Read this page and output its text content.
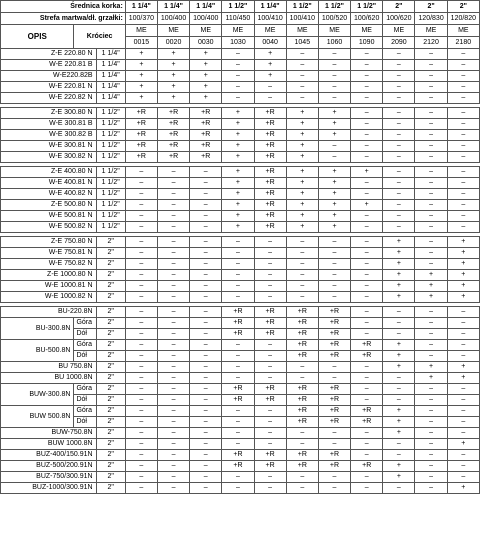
Średnica korka:			1 1/4"	1 1/4"	1 1/4"	1 1/2"	1 1/4"	1 1/2"	1 1/2"	1 1/2"	2"	2"	2"
Strefa martwa/dł. grzałki:			100/370	100/400	100/400	110/450	100/410	100/410	100/520	100/620	100/620	120/830	120/820
OPIS	Króciec		ME	ME	ME	ME	ME	ME	ME	ME	ME	ME	ME
			0015	0020	0030	1030	0040	1045	1060	1090	2090	2120	2180
Z-E 220.80 N		1 1/4"	+	+	+	–	+	–	–	–	–	–	–
W-E 220.81 B		1 1/4"	+	+	+	–	+	–	–	–	–	–	–
W-E220.82B		1 1/4"	+	+	+	–	+	–	–	–	–	–	–
W-E 220.81 N		1 1/4"	+	+	+	–	–	–	–	–	–	–	–
W-E 220.82 N		1 1/4"	+	+	+	–	–	–	–	–	–	–	–

Z-E 300.80 N		1 1/2"	+R	+R	+R	+	+R	+	+	–	–	–	–
W-E 300.81 B		1 1/2"	+R	+R	+R	+	+R	+	+	–	–	–	–
W-E 300.82 B		1 1/2"	+R	+R	+R	+	+R	+	+	–	–	–	–
W-E 300.81 N		1 1/2"	+R	+R	+R	+	+R	+	–	–	–	–	–
W-E 300.82 N		1 1/2"	+R	+R	+R	+	+R	+	–	–	–	–	–

Z-E 400.80 N		1 1/2"	–	–	–	+	+R	+	+	+	–	–	–
W-E 400.81 N		1 1/2"	–	–	–	+	+R	+	+	–	–	–	–
W-E 400.82 N		1 1/2"	–	–	–	+	+R	+	+	–	–	–	–
Z-E 500.80 N		1 1/2"	–	–	–	+	+R	+	+	+	–	–	–
W-E 500.81 N		1 1/2"	–	–	–	+	+R	+	+	–	–	–	–
W-E 500.82 N		1 1/2"	–	–	–	+	+R	+	+	–	–	–	–

Z-E 750.80 N		2"	–	–	–	–	–	–	–	–	+	–	+
W-E 750.81 N		2"	–	–	–	–	–	–	–	–	+	–	+
W-E 750.82 N		2"	–	–	–	–	–	–	–	–	+	–	+
Z-E 1000.80 N		2"	–	–	–	–	–	–	–	–	+	+	+
W-E 1000.81 N		2"	–	–	–	–	–	–	–	–	+	+	+
W-E 1000.82 N		2"	–	–	–	–	–	–	–	–	+	+	+

BU-220.8N		2"	–	–	–	+R	+R	+R	+R	–	–	–	–
BU-300.8N	Góra	2"	–	–	–	+R	+R	+R	+R	–	–	–	–
	Dół	2"	–	–	–	+R	+R	+R	+R	–	–	–	–
BU-500.8N	Góra	2"	–	–	–	–	–	+R	+R	+R	+	–	–
	Dół	2"	–	–	–	–	–	+R	+R	+R	+	–	–
BU 750.8N		2"	–	–	–	–	–	–	–	–	+	+	+
BU 1000.8N		2"	–	–	–	–	–	–	–	–	–	+	+
BUW-300.8N	Góra	2"	–	–	–	+R	+R	+R	+R	–	–	–	–
	Dół	2"	–	–	–	+R	+R	+R	+R	–	–	–	–
BUW 500.8N	Góra	2"	–	–	–	–	–	+R	+R	+R	+	–	–
	Dół	2"	–	–	–	–	–	+R	+R	+R	+	–	–
BUW-750.8N		2"	–	–	–	–	–	–	–	–	+	–	–
BUW 1000.8N		2"	–	–	–	–	–	–	–	–	–	–	+
BUZ-400/150.91N		2"	–	–	–	+R	+R	+R	+R	–	–	–	–
BUZ-500/200.91N		2"	–	–	–	+R	+R	+R	+R	+R	+	–	–
BUZ-750/300.91N		2"	–	–	–	–	–	–	–	–	+	–	–
BUZ-1000/300.91N		2"	–	–	–	–	–	–	–	–	–	–	+
